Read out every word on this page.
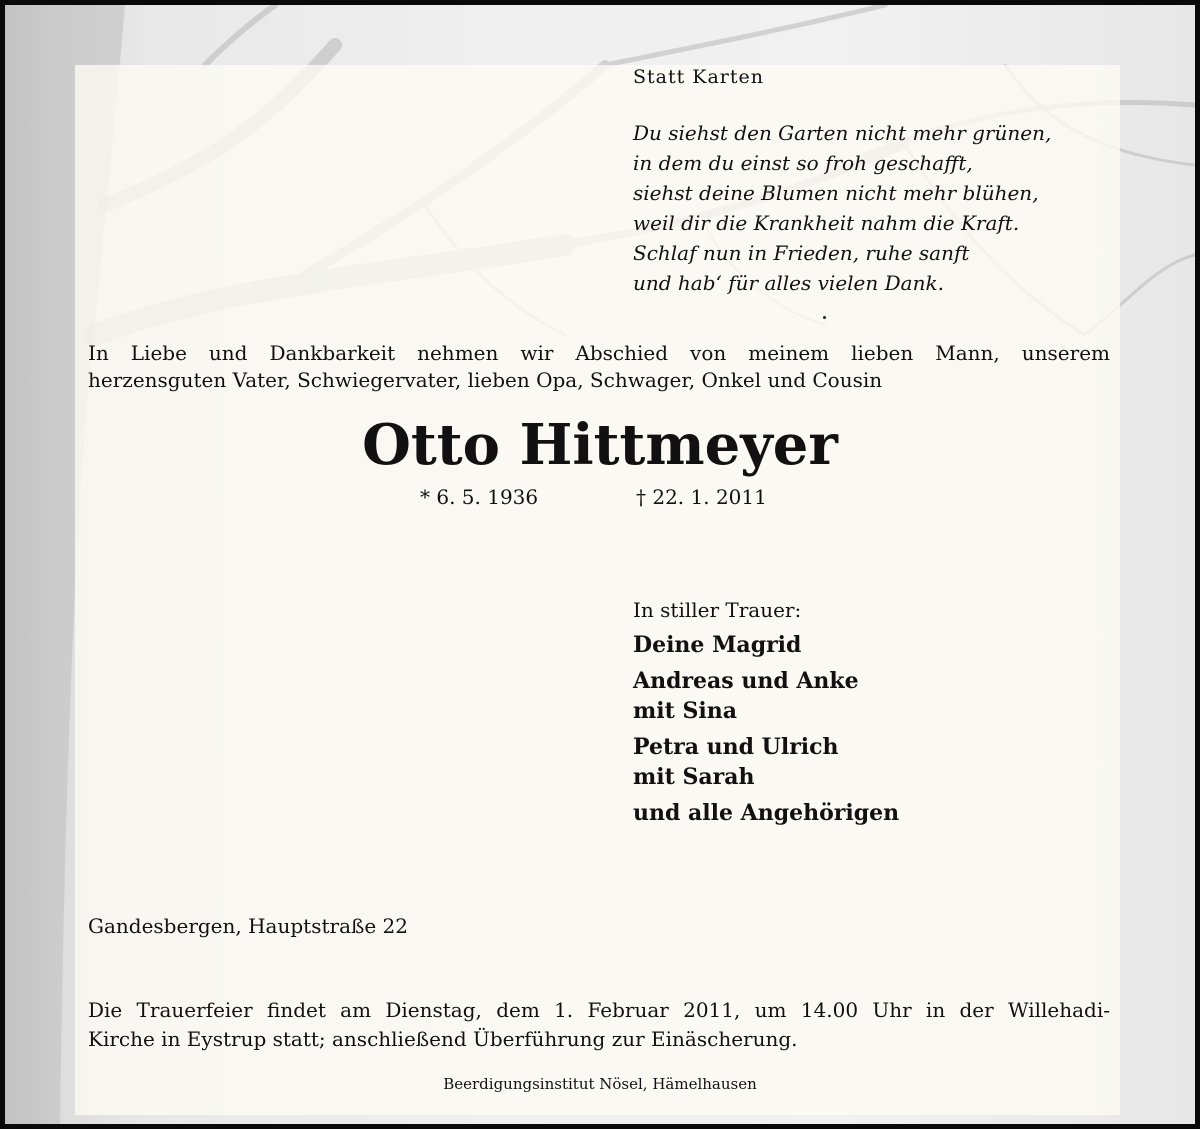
Statt Karten

Du siehst den Garten nicht mehr grünen,
in dem du einst so froh geschafft,
siehst deine Blumen nicht mehr blühen,
weil dir die Krankheit nahm die Kraft.
Schlaf nun in Frieden, ruhe sanft
und hab‘ für alles vielen Dank.
In Liebe und Dankbarkeit nehmen wir Abschied von meinem lieben Mann, unserem
herzensguten Vater, Schwiegervater, lieben Opa, Schwager, Onkel und Cousin
Otto Hittmeyer

* 6. 5. 1936	† 22. 1. 2011

In stiller Trauer:

Deine Magrid
Andreas und Anke
mit Sina
Petra und Ulrich
mit Sarah
und alle Angehörigen

Gandesbergen, Hauptstraße 22

Die Trauerfeier findet am Dienstag, dem 1. Februar 2011, um 14.00 Uhr in der Willehadi-
Kirche in Eystrup statt; anschließend Überführung zur Einäscherung.

Beerdigungsinstitut Nösel, Hämelhausen
